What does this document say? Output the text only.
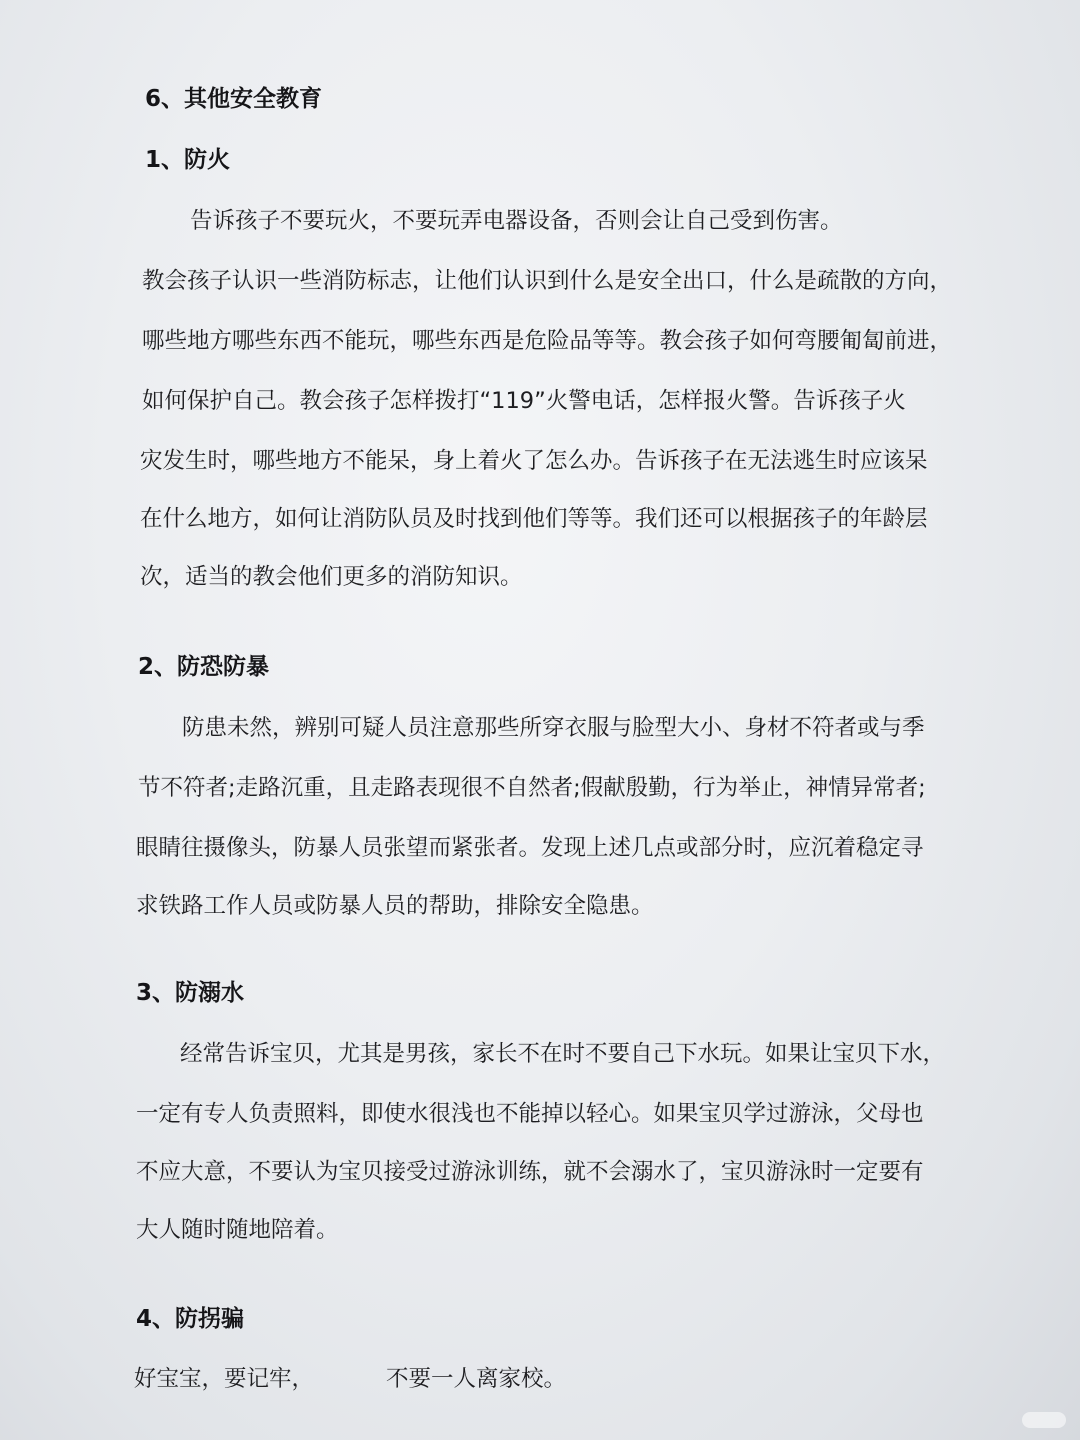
6、其他安全教育
1、防火
告诉孩子不要玩火，不要玩弄电器设备，否则会让自己受到伤害。
教会孩子认识一些消防标志，让他们认识到什么是安全出口，什么是疏散的方向，
哪些地方哪些东西不能玩，哪些东西是危险品等等。教会孩子如何弯腰匍匐前进，
如何保护自己。教会孩子怎样拨打“119”火警电话，怎样报火警。告诉孩子火
灾发生时，哪些地方不能呆，身上着火了怎么办。告诉孩子在无法逃生时应该呆
在什么地方，如何让消防队员及时找到他们等等。我们还可以根据孩子的年龄层
次，适当的教会他们更多的消防知识。
2、防恐防暴
防患未然，辨别可疑人员注意那些所穿衣服与脸型大小、身材不符者或与季
节不符者;走路沉重，且走路表现很不自然者;假献殷勤，行为举止，神情异常者;
眼睛往摄像头，防暴人员张望而紧张者。发现上述几点或部分时，应沉着稳定寻
求铁路工作人员或防暴人员的帮助，排除安全隐患。
3、防溺水
经常告诉宝贝，尤其是男孩，家长不在时不要自己下水玩。如果让宝贝下水，
一定有专人负责照料，即使水很浅也不能掉以轻心。如果宝贝学过游泳，父母也
不应大意，不要认为宝贝接受过游泳训练，就不会溺水了，宝贝游泳时一定要有
大人随时随地陪着。
4、防拐骗
好宝宝，要记牢，	不要一人离家校。
